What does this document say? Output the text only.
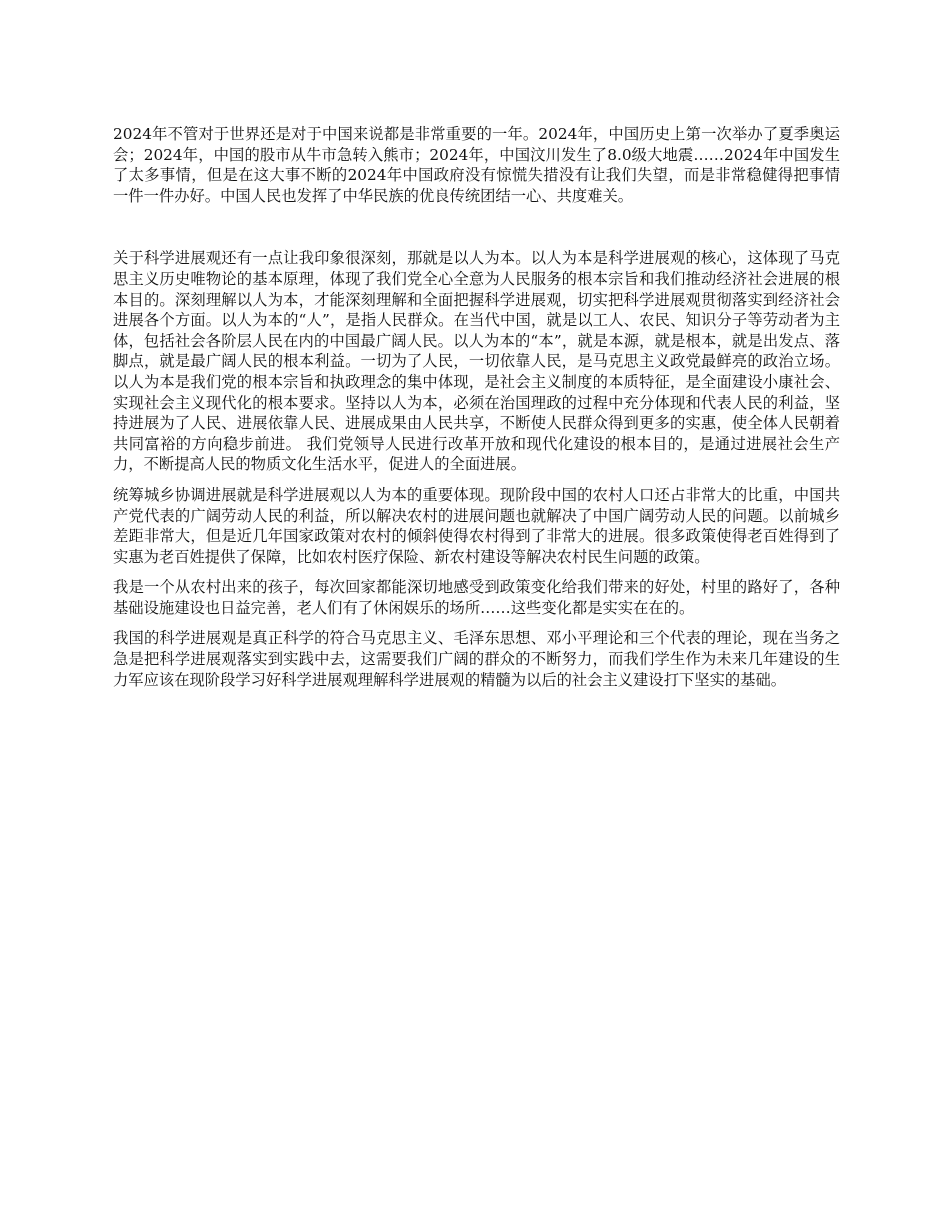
2024年不管对于世界还是对于中国来说都是非常重要的一年。2024年，中国历史上第一次举办了夏季奥运会；2024年，中国的股市从牛市急转入熊市；2024年，中国汶川发生了8.0级大地震……2024年中国发生了太多事情，但是在这大事不断的2024年中国政府没有惊慌失措没有让我们失望，而是非常稳健得把事情一件一件办好。中国人民也发挥了中华民族的优良传统团结一心、共度难关。

关于科学进展观还有一点让我印象很深刻，那就是以人为本。以人为本是科学进展观的核心，这体现了马克思主义历史唯物论的基本原理，体现了我们党全心全意为人民服务的根本宗旨和我们推动经济社会进展的根本目的。深刻理解以人为本，才能深刻理解和全面把握科学进展观，切实把科学进展观贯彻落实到经济社会进展各个方面。以人为本的“人”，是指人民群众。在当代中国，就是以工人、农民、知识分子等劳动者为主体，包括社会各阶层人民在内的中国最广阔人民。以人为本的“本”，就是本源，就是根本，就是出发点、落脚点，就是最广阔人民的根本利益。一切为了人民，一切依靠人民，是马克思主义政党最鲜亮的政治立场。以人为本是我们党的根本宗旨和执政理念的集中体现，是社会主义制度的本质特征，是全面建设小康社会、实现社会主义现代化的根本要求。坚持以人为本，必须在治国理政的过程中充分体现和代表人民的利益，坚持进展为了人民、进展依靠人民、进展成果由人民共享，不断使人民群众得到更多的实惠，使全体人民朝着共同富裕的方向稳步前进。 我们党领导人民进行改革开放和现代化建设的根本目的，是通过进展社会生产力，不断提高人民的物质文化生活水平，促进人的全面进展。

统筹城乡协调进展就是科学进展观以人为本的重要体现。现阶段中国的农村人口还占非常大的比重，中国共产党代表的广阔劳动人民的利益，所以解决农村的进展问题也就解决了中国广阔劳动人民的问题。以前城乡差距非常大，但是近几年国家政策对农村的倾斜使得农村得到了非常大的进展。很多政策使得老百姓得到了实惠为老百姓提供了保障，比如农村医疗保险、新农村建设等解决农村民生问题的政策。

我是一个从农村出来的孩子，每次回家都能深切地感受到政策变化给我们带来的好处，村里的路好了，各种基础设施建设也日益完善，老人们有了休闲娱乐的场所……这些变化都是实实在在的。

我国的科学进展观是真正科学的符合马克思主义、毛泽东思想、邓小平理论和三个代表的理论，现在当务之急是把科学进展观落实到实践中去，这需要我们广阔的群众的不断努力，而我们学生作为未来几年建设的生力军应该在现阶段学习好科学进展观理解科学进展观的精髓为以后的社会主义建设打下坚实的基础。
